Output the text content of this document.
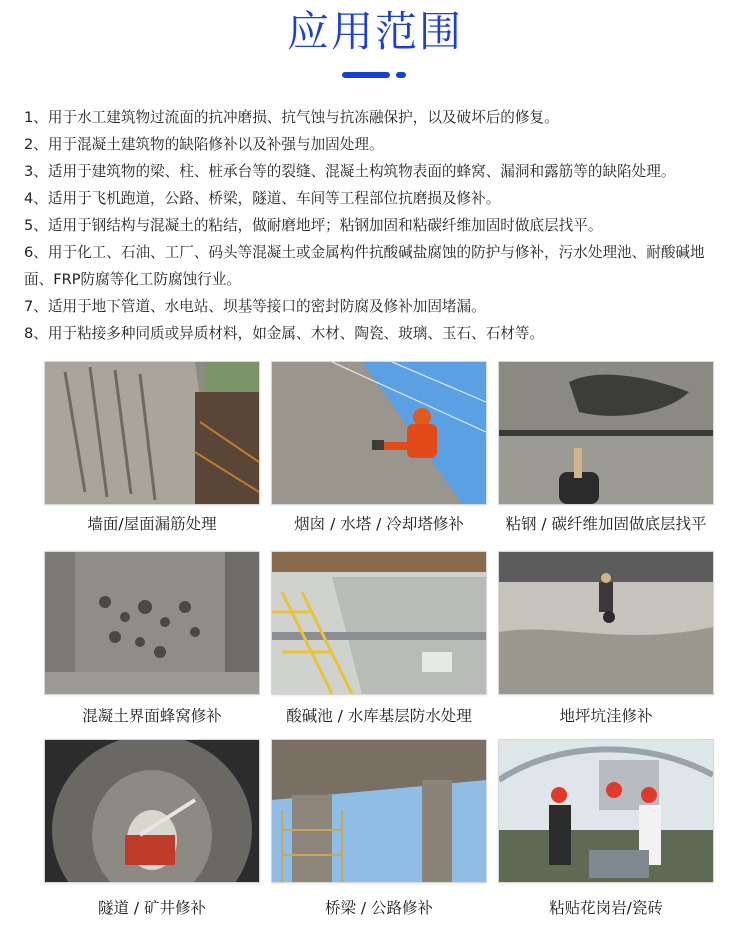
应用范围

1、用于水工建筑物过流面的抗冲磨损、抗气蚀与抗冻融保护，以及破坏后的修复。

2、用于混凝土建筑物的缺陷修补以及补强与加固处理。

3、适用于建筑物的梁、柱、桩承台等的裂缝、混凝土构筑物表面的蜂窝、漏洞和露筋等的缺陷处理。

4、适用于飞机跑道，公路、桥梁，隧道、车间等工程部位抗磨损及修补。

5、适用于钢结构与混凝土的粘结，做耐磨地坪；粘钢加固和粘碳纤维加固时做底层找平。

6、用于化工、石油、工厂、码头等混凝土或金属构件抗酸碱盐腐蚀的防护与修补，污水处理池、耐酸碱地面、FRP防腐等化工防腐蚀行业。

7、适用于地下管道、水电站、坝基等接口的密封防腐及修补加固堵漏。

8、用于粘接多种同质或异质材料，如金属、木材、陶瓷、玻璃、玉石、石材等。

墙面/屋面漏筋处理	烟囱 / 水塔 / 冷却塔修补	粘钢 / 碳纤维加固做底层找平
混凝土界面蜂窝修补	酸碱池 / 水库基层防水处理	地坪坑洼修补
隧道 / 矿井修补	桥梁 / 公路修补	粘贴花岗岩/瓷砖
